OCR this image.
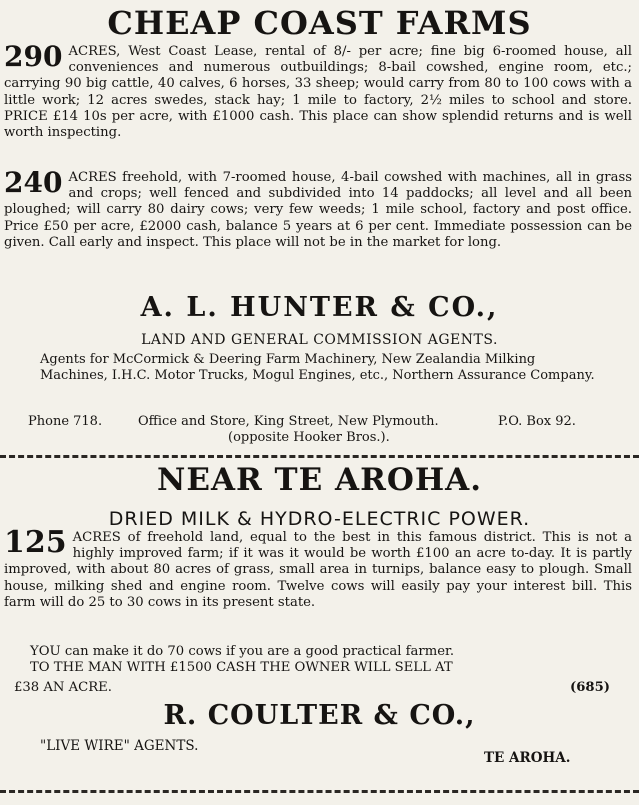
CHEAP COAST FARMS
290 ACRES, West Coast Lease, rental of 8/- per acre; fine big 6-roomed house, all conveniences and numerous outbuildings; 8-bail cowshed, engine room, etc.; carrying 90 big cattle, 40 calves, 6 horses, 33 sheep; would carry from 80 to 100 cows with a little work; 12 acres swedes, stack hay; 1 mile to factory, 2½ miles to school and store. PRICE £14 10s per acre, with £1000 cash. This place can show splendid returns and is well worth inspecting.
240 ACRES freehold, with 7-roomed house, 4-bail cowshed with machines, all in grass and crops; well fenced and subdivided into 14 paddocks; all level and all been ploughed; will carry 80 dairy cows; very few weeds; 1 mile school, factory and post office. Price £50 per acre, £2000 cash, balance 5 years at 6 per cent. Immediate possession can be given. Call early and inspect. This place will not be in the market for long.
A. L. HUNTER & CO.,
LAND AND GENERAL COMMISSION AGENTS.
Agents for McCormick & Deering Farm Machinery, New Zealandia Milking Machines, I.H.C. Motor Trucks, Mogul Engines, etc., Northern Assurance Company.
Phone 718.	Office and Store, King Street, New Plymouth.	P.O. Box 92.
(opposite Hooker Bros.).
NEAR TE AROHA.
DRIED MILK & HYDRO-ELECTRIC POWER.
125 ACRES of freehold land, equal to the best in this famous district. This is not a highly improved farm; if it was it would be worth £100 an acre to-day. It is partly improved, with about 80 acres of grass, small area in turnips, balance easy to plough. Small house, milking shed and engine room. Twelve cows will easily pay your interest bill. This farm will do 25 to 30 cows in its present state.
YOU can make it do 70 cows if you are a good practical farmer.
TO THE MAN WITH £1500 CASH THE OWNER WILL SELL AT
£38 AN ACRE.	(685)
R. COULTER & CO.,
"LIVE WIRE" AGENTS.
TE AROHA.
